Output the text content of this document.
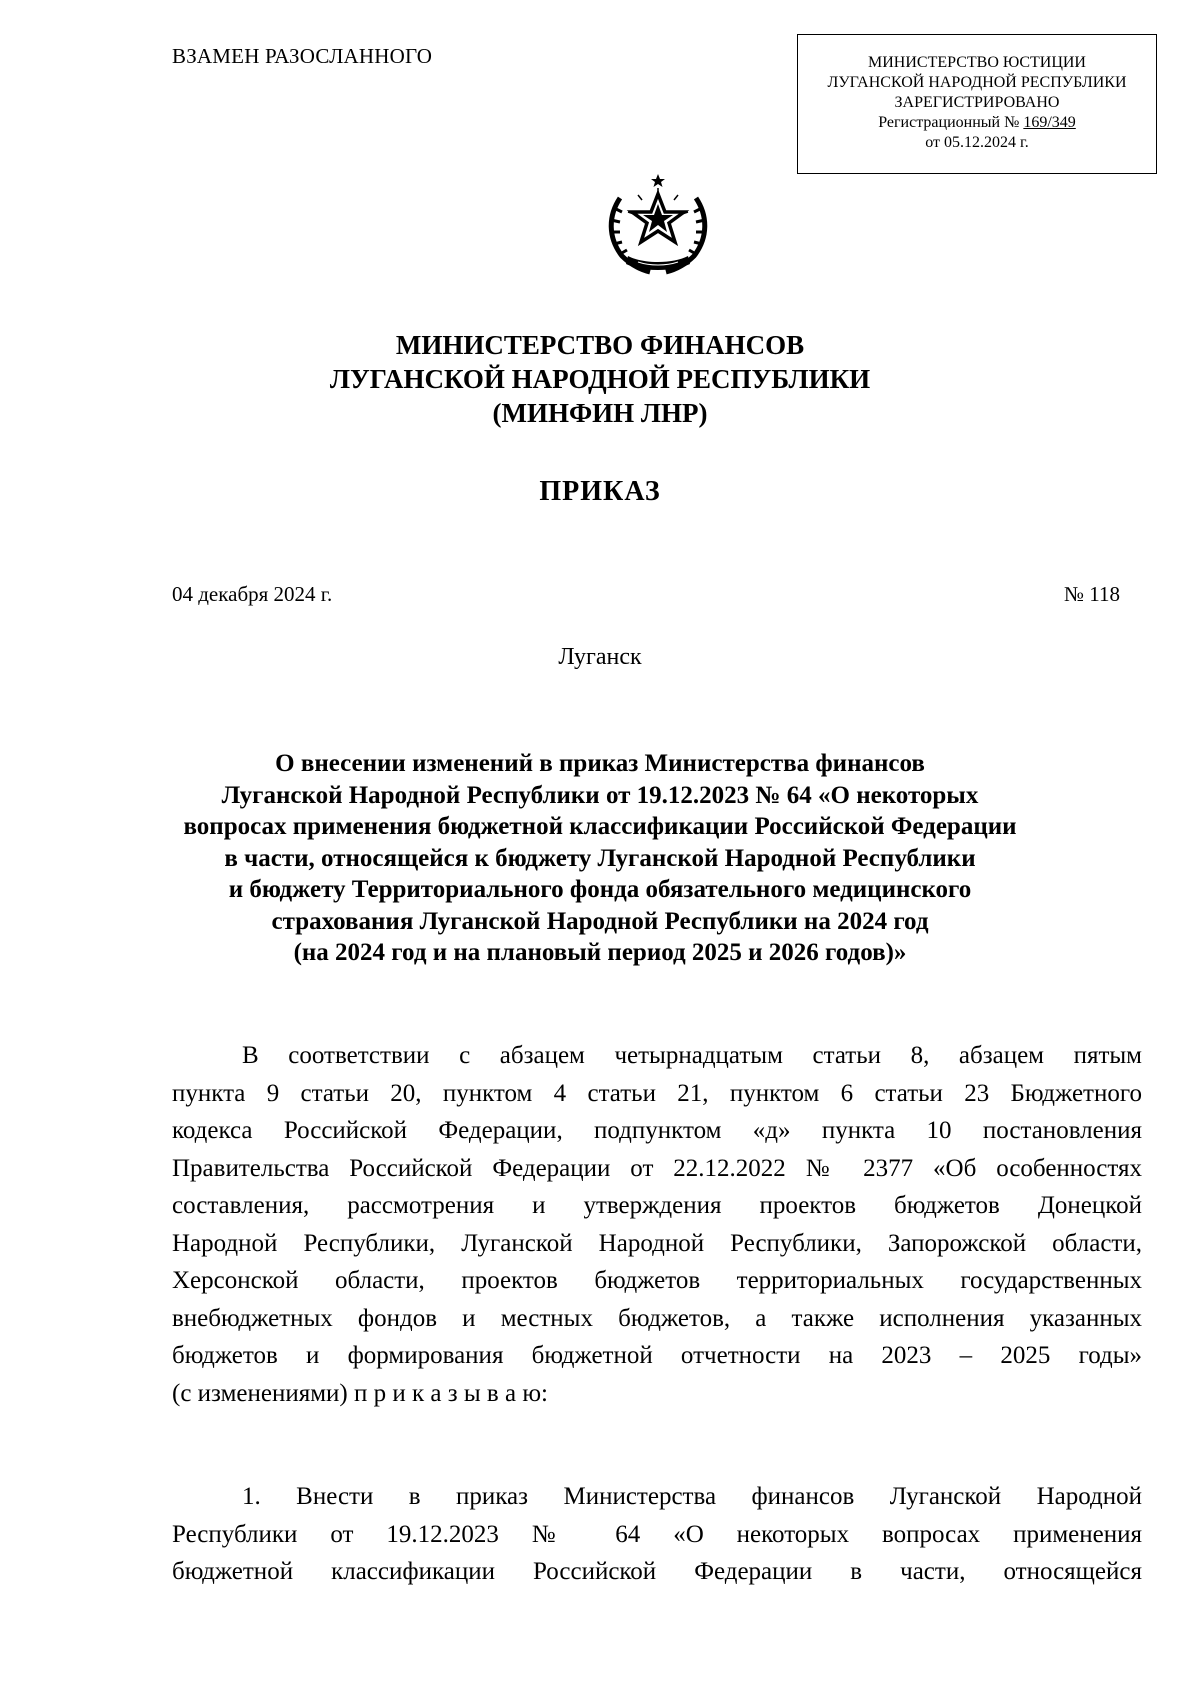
ВЗАМЕН РАЗОСЛАННОГО	МИНИСТЕРСТВО ЮСТИЦИИ
ЛУГАНСКОЙ НАРОДНОЙ РЕСПУБЛИКИ
ЗАРЕГИСТРИРОВАНО
Регистрационный № 169/349
от 05.12.2024 г.
МИНИСТЕРСТВО ФИНАНСОВ
ЛУГАНСКОЙ НАРОДНОЙ РЕСПУБЛИКИ
(МИНФИН ЛНР)
ПРИКАЗ
04 декабря 2024 г.	№ 118
Луганск
О внесении изменений в приказ Министерства финансов
Луганской Народной Республики от 19.12.2023 № 64 «О некоторых
вопросах применения бюджетной классификации Российской Федерации
в части, относящейся к бюджету Луганской Народной Республики
и бюджету Территориального фонда обязательного медицинского
страхования Луганской Народной Республики на 2024 год
(на 2024 год и на плановый период 2025 и 2026 годов)»
В соответствии с абзацем четырнадцатым статьи 8, абзацем пятым
пункта 9 статьи 20, пунктом 4 статьи 21, пунктом 6 статьи 23 Бюджетного
кодекса Российской Федерации, подпунктом «д» пункта 10 постановления
Правительства Российской Федерации от 22.12.2022 № 2377 «Об особенностях
составления, рассмотрения и утверждения проектов бюджетов Донецкой
Народной Республики, Луганской Народной Республики, Запорожской области,
Херсонской области, проектов бюджетов территориальных государственных
внебюджетных фондов и местных бюджетов, а также исполнения указанных
бюджетов и формирования бюджетной отчетности на 2023 – 2025 годы»
(с изменениями) п р и к а з ы в а ю:
1. Внести в приказ Министерства финансов Луганской Народной
Республики от 19.12.2023 № 64 «О некоторых вопросах применения
бюджетной классификации Российской Федерации в части, относящейся
